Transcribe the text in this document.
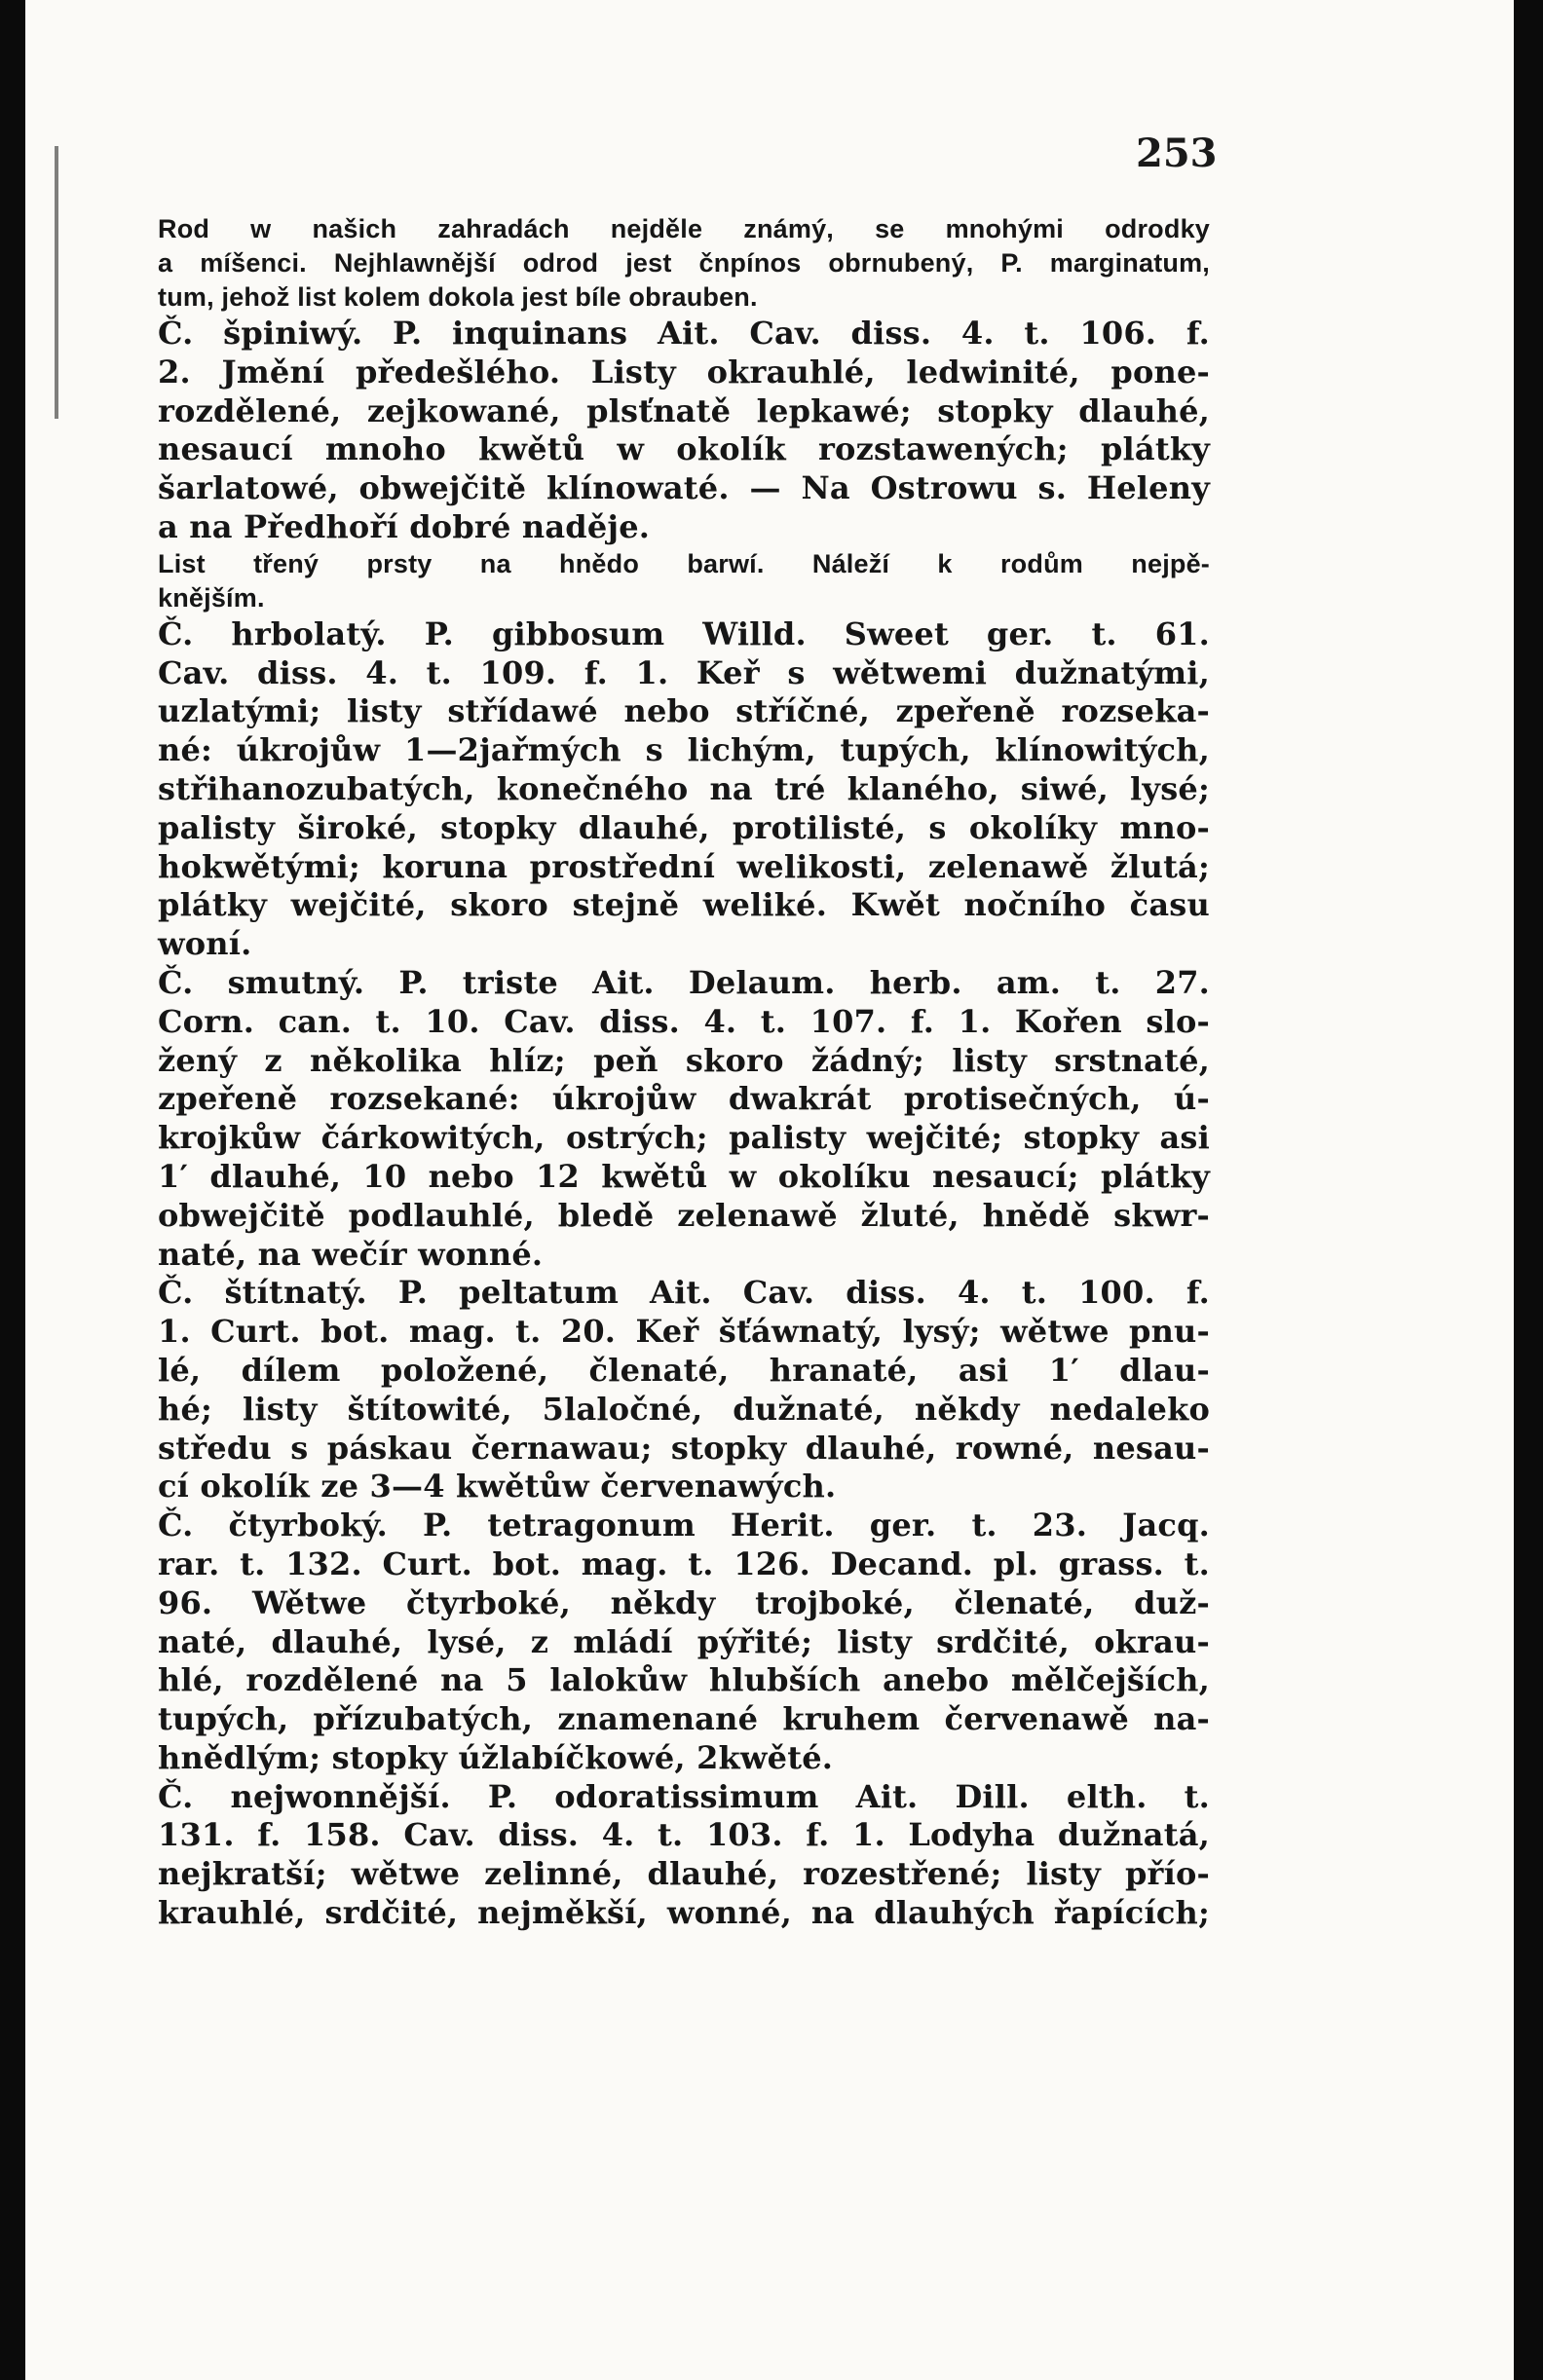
253
Rod w našich zahradách nejděle známý, se mnohými odrodky
a míšenci. Nejhlawnější odrod jest čnpínos obrnubený, P. marginatum,
tum, jehož list kolem dokola jest bíle obrauben.
Č. špiniwý. P. inquinans Ait. Cav. diss. 4. t. 106. f.
2. Jmění předešlého. Listy okrauhlé, ledwinité, pone-
rozdělené, zejkowané, plsťnatě lepkawé; stopky dlauhé,
nesaucí mnoho kwětů w okolík rozstawených; plátky
šarlatowé, obwejčitě klínowaté. — Na Ostrowu s. Heleny
a na Předhoří dobré naděje.
List třený prsty na hnědo barwí. Náleží k rodům nejpě-
knějším.
Č. hrbolatý. P. gibbosum Willd. Sweet ger. t. 61.
Cav. diss. 4. t. 109. f. 1. Keř s wětwemi dužnatými,
uzlatými; listy střídawé nebo stříčné, zpeřeně rozseka-
né: úkrojůw 1—2jařmých s lichým, tupých, klínowitých,
střihanozubatých, konečného na tré klaného, siwé, lysé;
palisty široké, stopky dlauhé, protilisté, s okolíky mno-
hokwětými; koruna prostřední welikosti, zelenawě žlutá;
plátky wejčité, skoro stejně weliké. Kwět nočního času
woní.
Č. smutný. P. triste Ait. Delaum. herb. am. t. 27.
Corn. can. t. 10. Cav. diss. 4. t. 107. f. 1. Kořen slo-
žený z několika hlíz; peň skoro žádný; listy srstnaté,
zpeřeně rozsekané: úkrojůw dwakrát protisečných, ú-
krojkůw čárkowitých, ostrých; palisty wejčité; stopky asi
1′ dlauhé, 10 nebo 12 kwětů w okolíku nesaucí; plátky
obwejčitě podlauhlé, bledě zelenawě žluté, hnědě skwr-
naté, na wečír wonné.
Č. štítnatý. P. peltatum Ait. Cav. diss. 4. t. 100. f.
1. Curt. bot. mag. t. 20. Keř šťáwnatý, lysý; wětwe pnu-
lé, dílem položené, členaté, hranaté, asi 1′ dlau-
hé; listy štítowité, 5laločné, dužnaté, někdy nedaleko
středu s páskau černawau; stopky dlauhé, rowné, nesau-
cí okolík ze 3—4 kwětůw červenawých.
Č. čtyrboký. P. tetragonum Herit. ger. t. 23. Jacq.
rar. t. 132. Curt. bot. mag. t. 126. Decand. pl. grass. t.
96. Wětwe čtyrboké, někdy trojboké, členaté, duž-
naté, dlauhé, lysé, z mládí pýřité; listy srdčité, okrau-
hlé, rozdělené na 5 lalokůw hlubších anebo mělčejších,
tupých, přízubatých, znamenané kruhem červenawě na-
hnědlým; stopky úžlabíčkowé, 2kwěté.
Č. nejwonnější. P. odoratissimum Ait. Dill. elth. t.
131. f. 158. Cav. diss. 4. t. 103. f. 1. Lodyha dužnatá,
nejkratší; wětwe zelinné, dlauhé, rozestřené; listy přío-
krauhlé, srdčité, nejměkší, wonné, na dlauhých řapících;
